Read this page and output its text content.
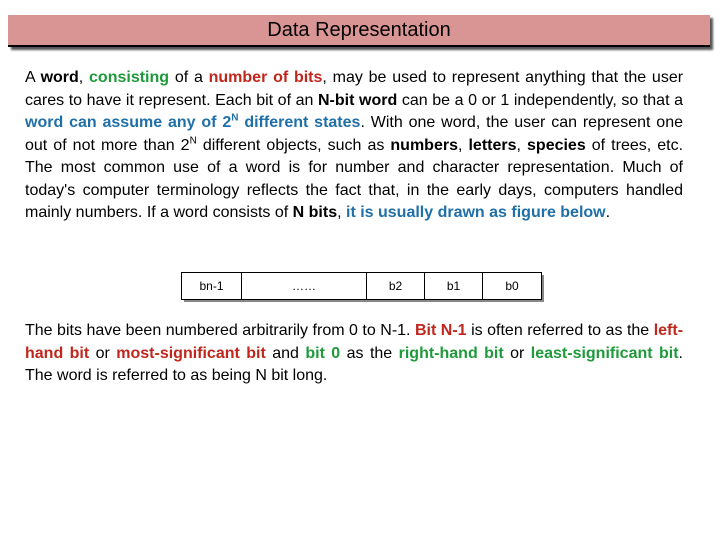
Data Representation

A word, consisting of a number of bits, may be used to represent anything that the user cares to have it represent. Each bit of an N-bit word can be a 0 or 1 independently, so that a word can assume any of $2^N$ different states. With one word, the user can represent one out of not more than $2^N$ different objects, such as numbers, letters, species of trees, etc. The most common use of a word is for number and character representation. Much of today's computer terminology reflects the fact that, in the early days, computers handled mainly numbers. If a word consists of N bits, it is usually drawn as figure below.

bn-1	……	b2	b1	b0

The bits have been numbered arbitrarily from 0 to N-1. Bit N-1 is often referred to as the left-hand bit or most-significant bit and bit 0 as the right-hand bit or least-significant bit. The word is referred to as being N bit long.
